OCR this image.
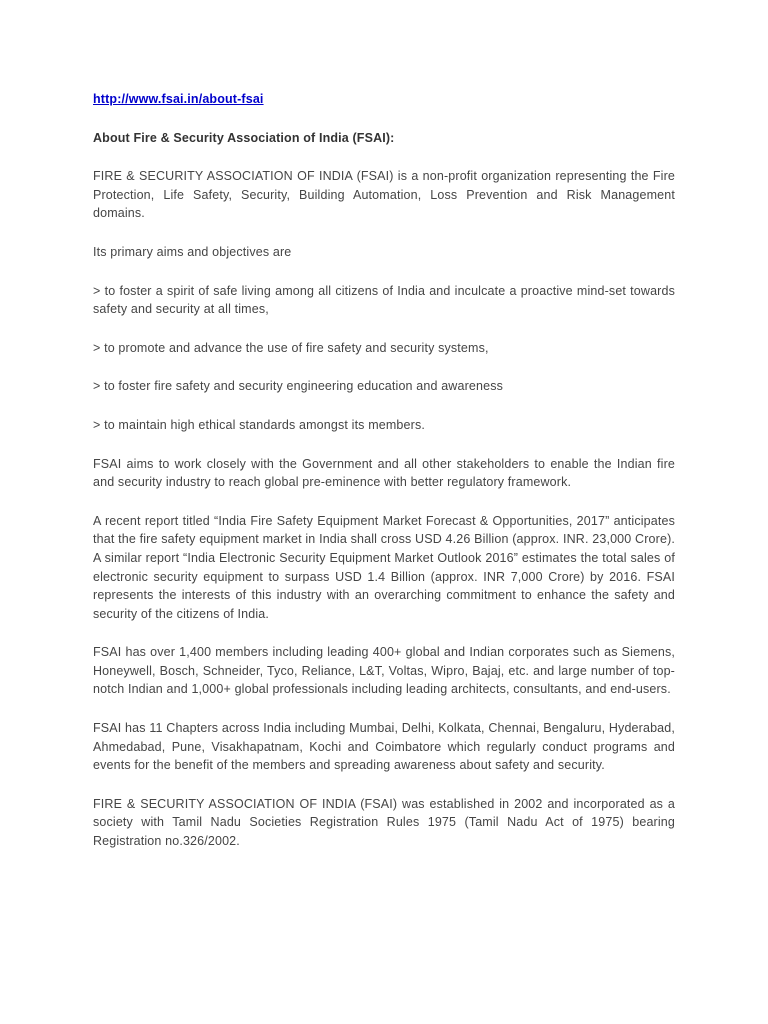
http://www.fsai.in/about-fsai
About Fire & Security Association of India (FSAI):

FIRE & SECURITY ASSOCIATION OF INDIA (FSAI) is a non-profit organization representing the Fire Protection, Life Safety, Security, Building Automation, Loss Prevention and Risk Management domains.

Its primary aims and objectives are

> to foster a spirit of safe living among all citizens of India and inculcate a proactive mind-set towards safety and security at all times,

> to promote and advance the use of fire safety and security systems,

> to foster fire safety and security engineering education and awareness

> to maintain high ethical standards amongst its members.

FSAI aims to work closely with the Government and all other stakeholders to enable the Indian fire and security industry to reach global pre-eminence with better regulatory framework.

A recent report titled “India Fire Safety Equipment Market Forecast & Opportunities, 2017” anticipates that the fire safety equipment market in India shall cross USD 4.26 Billion (approx. INR. 23,000 Crore). A similar report “India Electronic Security Equipment Market Outlook 2016” estimates the total sales of electronic security equipment to surpass USD 1.4 Billion (approx. INR 7,000 Crore) by 2016. FSAI represents the interests of this industry with an overarching commitment to enhance the safety and security of the citizens of India.

FSAI has over 1,400 members including leading 400+ global and Indian corporates such as Siemens, Honeywell, Bosch, Schneider, Tyco, Reliance, L&T, Voltas, Wipro, Bajaj, etc. and large number of top-notch Indian and 1,000+ global professionals including leading architects, consultants, and end-users.

FSAI has 11 Chapters across India including Mumbai, Delhi, Kolkata, Chennai, Bengaluru, Hyderabad, Ahmedabad, Pune, Visakhapatnam, Kochi and Coimbatore which regularly conduct programs and events for the benefit of the members and spreading awareness about safety and security.

FIRE & SECURITY ASSOCIATION OF INDIA (FSAI) was established in 2002 and incorporated as a society with Tamil Nadu Societies Registration Rules 1975 (Tamil Nadu Act of 1975) bearing Registration no.326/2002.
